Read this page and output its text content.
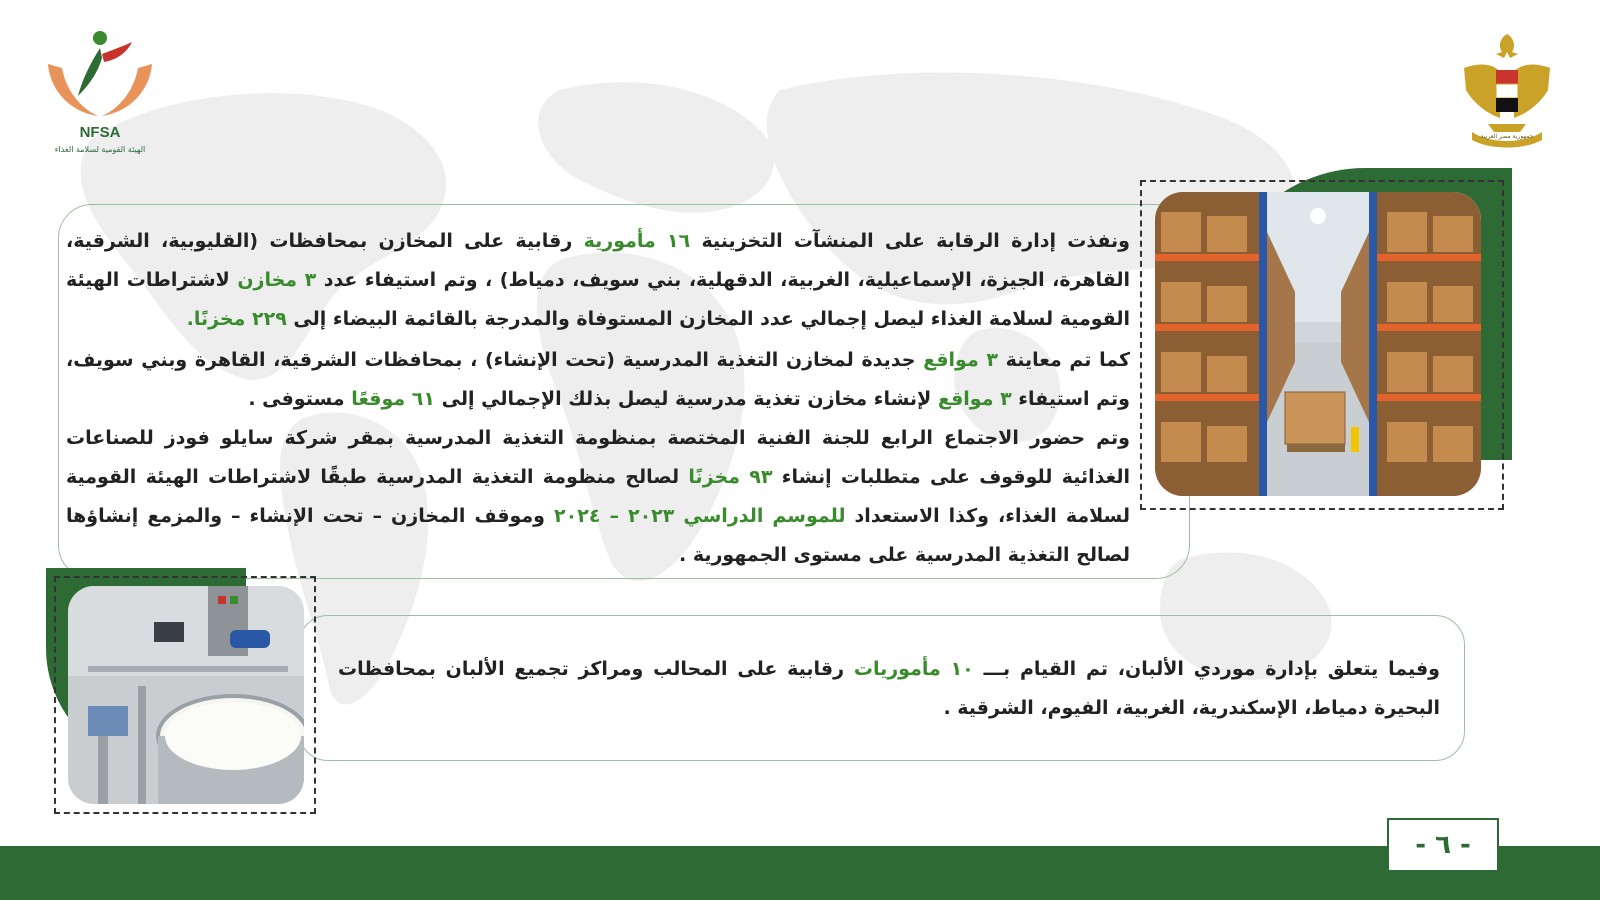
NFSA
الهيئة القومية لسلامة الغذاء
جمهورية مصر العربية
ونفذت إدارة الرقابة على المنشآت التخزينية ١٦ مأمورية رقابية على المخازن بمحافظات (القليوبية، الشرقية، القاهرة، الجيزة، الإسماعيلية، الغربية، الدقهلية، بني سويف، دمياط) ، وتم استيفاء عدد ٣ مخازن لاشتراطات الهيئة القومية لسلامة الغذاء ليصل إجمالي عدد المخازن المستوفاة والمدرجة بالقائمة البيضاء إلى ٢٢٩ مخزنًا.
كما تم معاينة ٣ مواقع جديدة لمخازن التغذية المدرسية (تحت الإنشاء) ، بمحافظات الشرقية، القاهرة وبني سويف، وتم استيفاء ٣ مواقع لإنشاء مخازن تغذية مدرسية ليصل بذلك الإجمالي إلى ٦١ موقعًا مستوفى .
وتم حضور الاجتماع الرابع للجنة الفنية المختصة بمنظومة التغذية المدرسية بمقر شركة سايلو فودز للصناعات الغذائية للوقوف على متطلبات إنشاء ٩٣ مخزنًا لصالح منظومة التغذية المدرسية طبقًا لاشتراطات الهيئة القومية لسلامة الغذاء، وكذا الاستعداد للموسم الدراسي ٢٠٢٣ – ٢٠٢٤ وموقف المخازن – تحت الإنشاء – والمزمع إنشاؤها لصالح التغذية المدرسية على مستوى الجمهورية .
وفيما يتعلق بإدارة موردي الألبان، تم القيام بـــ ١٠ مأموريات رقابية على المحالب ومراكز تجميع الألبان بمحافظات البحيرة دمياط، الإسكندرية، الغربية، الفيوم، الشرقية .
- ٦ -
